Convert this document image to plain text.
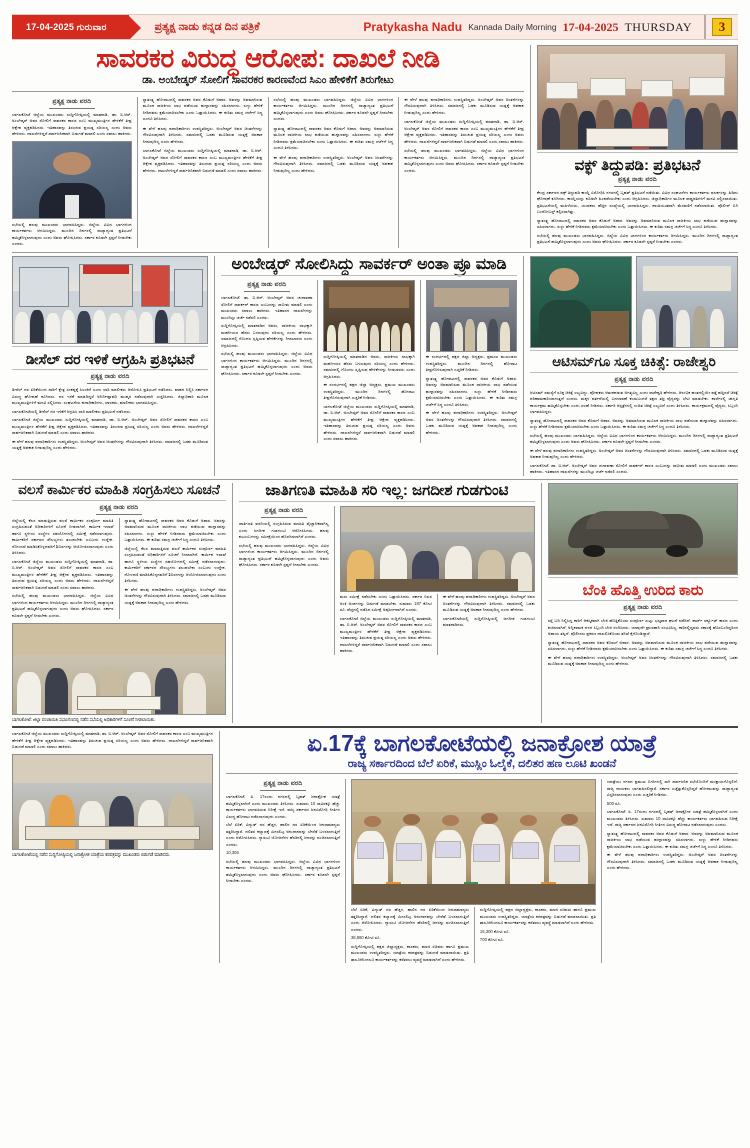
17-04-2025 ಗುರುವಾರ	ಪ್ರತ್ಯಕ್ಷ ನಾಡು ಕನ್ನಡ ದಿನ ಪತ್ರಿಕೆ	Pratykasha Nadu Kannada Daily Morning 17-04-2025 THURSDAY	3
ಸಾವರಕರ ವಿರುದ್ಧ ಆರೋಪ: ದಾಖಲೆ ನೀಡಿ
ಡಾ. ಅಂಬೇಡ್ಕರ್ ಸೋಲಿಗೆ ಸಾವರಕರ ಕಾರಣವೆಂದ ಸಿಎಂ ಹೇಳಿಕೆಗೆ ತಿರುಗೇಟು
ಪ್ರತ್ಯಕ್ಷ ನಾಡು ವರದಿ
ಬಾಗಲಕೋಟೆ ಜಿಲ್ಲೆಯ ಮುಖಂಡರು ಸುದ್ದಿಗೋಷ್ಠಿಯಲ್ಲಿ ಮಾತನಾಡಿ, ಡಾ. ಬಿ.ಆರ್. ಅಂಬೇಡ್ಕರ್ ಅವರ ಸೋಲಿಗೆ ಸಾವರಕರ ಕಾರಣ ಎಂಬ ಮುಖ್ಯಮಂತ್ರಿಗಳ ಹೇಳಿಕೆಗೆ ತೀವ್ರ ಆಕ್ಷೇಪ ವ್ಯಕ್ತಪಡಿಸಿದರು. ಇತಿಹಾಸವನ್ನು ತಿರುಚುವ ಪ್ರಯತ್ನ ಸರಿಯಲ್ಲ ಎಂದು ಅವರು ಹೇಳಿದರು. ದಾಖಲೆಗಳಿದ್ದರೆ ಸಾರ್ವಜನಿಕವಾಗಿ ಬಿಡುಗಡೆ ಮಾಡಲಿ ಎಂದು ಸವಾಲು ಹಾಕಿದರು.
ಸಭೆಯಲ್ಲಿ ಹಲವು ಮುಖಂಡರು ಭಾಗವಹಿಸಿದ್ದರು. ಜಿಲ್ಲೆಯ ವಿವಿಧ ಭಾಗಗಳಿಂದ ಕಾರ್ಯಕರ್ತರು ಆಗಮಿಸಿದ್ದರು. ಮುಂದಿನ ದಿನಗಳಲ್ಲಿ ರಾಜ್ಯಾದ್ಯಂತ ಪ್ರತಿಭಟನೆ ಹಮ್ಮಿಕೊಳ್ಳಲಾಗುವುದು ಎಂದು ಅವರು ಘೋಷಿಸಿದರು. ಸರ್ಕಾರ ಕೂಡಲೇ ಸ್ಪಷ್ಟನೆ ನೀಡಬೇಕು ಎಂದರು.
ಸ್ವಾತಂತ್ರ್ಯ ಹೋರಾಟದಲ್ಲಿ ಸಾವರಕರ ಅವರ ಕೊಡುಗೆ ಅಪಾರ. ಅವರನ್ನು ಅವಮಾನಿಸುವ ಮೂಲಕ ರಾಜಕೀಯ ಲಾಭ ಪಡೆಯುವ ಹುನ್ನಾರವನ್ನು ಸಹಿಸಲಾಗದು. ಸುಳ್ಳು ಹೇಳಿಕೆ ನೀಡಿದವರು ಕ್ಷಮೆಯಾಚಿಸಬೇಕು ಎಂದು ಒತ್ತಾಯಿಸಿದರು. ಈ ಕುರಿತು ಸಮಗ್ರ ಚರ್ಚೆಗೆ ಸಿದ್ಧ ಎಂದೂ ತಿಳಿಸಿದರು.
ಈ ವೇಳೆ ಹಲವು ಪದಾಧಿಕಾರಿಗಳು ಉಪಸ್ಥಿತರಿದ್ದರು. ಅಂಬೇಡ್ಕರ್ ಅವರ ಚಿಂತನೆಗಳನ್ನು ಗೌರವಿಸುವುದಾಗಿ ತಿಳಿಸಿದರು. ಸಮಾಜದಲ್ಲಿ ಒಡಕು ಮೂಡಿಸುವ ಯತ್ನಕ್ಕೆ ಅವಕಾಶ ನೀಡುವುದಿಲ್ಲ ಎಂದು ಹೇಳಿದರು.
ಬಾಗಲಕೋಟೆ ಜಿಲ್ಲೆಯ ಮುಖಂಡರು ಸುದ್ದಿಗೋಷ್ಠಿಯಲ್ಲಿ ಮಾತನಾಡಿ, ಡಾ. ಬಿ.ಆರ್. ಅಂಬೇಡ್ಕರ್ ಅವರ ಸೋಲಿಗೆ ಸಾವರಕರ ಕಾರಣ ಎಂಬ ಮುಖ್ಯಮಂತ್ರಿಗಳ ಹೇಳಿಕೆಗೆ ತೀವ್ರ ಆಕ್ಷೇಪ ವ್ಯಕ್ತಪಡಿಸಿದರು. ಇತಿಹಾಸವನ್ನು ತಿರುಚುವ ಪ್ರಯತ್ನ ಸರಿಯಲ್ಲ ಎಂದು ಅವರು ಹೇಳಿದರು. ದಾಖಲೆಗಳಿದ್ದರೆ ಸಾರ್ವಜನಿಕವಾಗಿ ಬಿಡುಗಡೆ ಮಾಡಲಿ ಎಂದು ಸವಾಲು ಹಾಕಿದರು.
ಸಭೆಯಲ್ಲಿ ಹಲವು ಮುಖಂಡರು ಭಾಗವಹಿಸಿದ್ದರು. ಜಿಲ್ಲೆಯ ವಿವಿಧ ಭಾಗಗಳಿಂದ ಕಾರ್ಯಕರ್ತರು ಆಗಮಿಸಿದ್ದರು. ಮುಂದಿನ ದಿನಗಳಲ್ಲಿ ರಾಜ್ಯಾದ್ಯಂತ ಪ್ರತಿಭಟನೆ ಹಮ್ಮಿಕೊಳ್ಳಲಾಗುವುದು ಎಂದು ಅವರು ಘೋಷಿಸಿದರು. ಸರ್ಕಾರ ಕೂಡಲೇ ಸ್ಪಷ್ಟನೆ ನೀಡಬೇಕು ಎಂದರು.
ಸ್ವಾತಂತ್ರ್ಯ ಹೋರಾಟದಲ್ಲಿ ಸಾವರಕರ ಅವರ ಕೊಡುಗೆ ಅಪಾರ. ಅವರನ್ನು ಅವಮಾನಿಸುವ ಮೂಲಕ ರಾಜಕೀಯ ಲಾಭ ಪಡೆಯುವ ಹುನ್ನಾರವನ್ನು ಸಹಿಸಲಾಗದು. ಸುಳ್ಳು ಹೇಳಿಕೆ ನೀಡಿದವರು ಕ್ಷಮೆಯಾಚಿಸಬೇಕು ಎಂದು ಒತ್ತಾಯಿಸಿದರು. ಈ ಕುರಿತು ಸಮಗ್ರ ಚರ್ಚೆಗೆ ಸಿದ್ಧ ಎಂದೂ ತಿಳಿಸಿದರು.
ಈ ವೇಳೆ ಹಲವು ಪದಾಧಿಕಾರಿಗಳು ಉಪಸ್ಥಿತರಿದ್ದರು. ಅಂಬೇಡ್ಕರ್ ಅವರ ಚಿಂತನೆಗಳನ್ನು ಗೌರವಿಸುವುದಾಗಿ ತಿಳಿಸಿದರು. ಸಮಾಜದಲ್ಲಿ ಒಡಕು ಮೂಡಿಸುವ ಯತ್ನಕ್ಕೆ ಅವಕಾಶ ನೀಡುವುದಿಲ್ಲ ಎಂದು ಹೇಳಿದರು.
ಈ ವೇಳೆ ಹಲವು ಪದಾಧಿಕಾರಿಗಳು ಉಪಸ್ಥಿತರಿದ್ದರು. ಅಂಬೇಡ್ಕರ್ ಅವರ ಚಿಂತನೆಗಳನ್ನು ಗೌರವಿಸುವುದಾಗಿ ತಿಳಿಸಿದರು. ಸಮಾಜದಲ್ಲಿ ಒಡಕು ಮೂಡಿಸುವ ಯತ್ನಕ್ಕೆ ಅವಕಾಶ ನೀಡುವುದಿಲ್ಲ ಎಂದು ಹೇಳಿದರು.
ಬಾಗಲಕೋಟೆ ಜಿಲ್ಲೆಯ ಮುಖಂಡರು ಸುದ್ದಿಗೋಷ್ಠಿಯಲ್ಲಿ ಮಾತನಾಡಿ, ಡಾ. ಬಿ.ಆರ್. ಅಂಬೇಡ್ಕರ್ ಅವರ ಸೋಲಿಗೆ ಸಾವರಕರ ಕಾರಣ ಎಂಬ ಮುಖ್ಯಮಂತ್ರಿಗಳ ಹೇಳಿಕೆಗೆ ತೀವ್ರ ಆಕ್ಷೇಪ ವ್ಯಕ್ತಪಡಿಸಿದರು. ಇತಿಹಾಸವನ್ನು ತಿರುಚುವ ಪ್ರಯತ್ನ ಸರಿಯಲ್ಲ ಎಂದು ಅವರು ಹೇಳಿದರು. ದಾಖಲೆಗಳಿದ್ದರೆ ಸಾರ್ವಜನಿಕವಾಗಿ ಬಿಡುಗಡೆ ಮಾಡಲಿ ಎಂದು ಸವಾಲು ಹಾಕಿದರು.
ಸಭೆಯಲ್ಲಿ ಹಲವು ಮುಖಂಡರು ಭಾಗವಹಿಸಿದ್ದರು. ಜಿಲ್ಲೆಯ ವಿವಿಧ ಭಾಗಗಳಿಂದ ಕಾರ್ಯಕರ್ತರು ಆಗಮಿಸಿದ್ದರು. ಮುಂದಿನ ದಿನಗಳಲ್ಲಿ ರಾಜ್ಯಾದ್ಯಂತ ಪ್ರತಿಭಟನೆ ಹಮ್ಮಿಕೊಳ್ಳಲಾಗುವುದು ಎಂದು ಅವರು ಘೋಷಿಸಿದರು. ಸರ್ಕಾರ ಕೂಡಲೇ ಸ್ಪಷ್ಟನೆ ನೀಡಬೇಕು ಎಂದರು.	ವಕ್ಫ್ ತಿದ್ದುಪಡಿ: ಪ್ರತಿಭಟನೆ
ಪ್ರತ್ಯಕ್ಷ ನಾಡು ವರದಿ
ಕೇಂದ್ರ ಸರ್ಕಾರದ ವಕ್ಫ್ ತಿದ್ದುಪಡಿ ಕಾಯ್ದೆ ವಿರೋಧಿಸಿ ನಗರದಲ್ಲಿ ಬೃಹತ್ ಪ್ರತಿಭಟನೆ ನಡೆಯಿತು. ವಿವಿಧ ಸಂಘಟನೆಗಳ ಕಾರ್ಯಕರ್ತರು ಫಲಕಗಳನ್ನು ಹಿಡಿದು ಘೋಷಣೆ ಕೂಗಿದರು. ಕಾಯ್ದೆಯನ್ನು ಕೂಡಲೇ ಹಿಂಪಡೆಯಬೇಕು ಎಂದು ಆಗ್ರಹಿಸಿದರು. ಜಿಲ್ಲಾಧಿಕಾರಿಗಳ ಮೂಲಕ ರಾಷ್ಟ್ರಪತಿಗಳಿಗೆ ಮನವಿ ಸಲ್ಲಿಸಲಾಯಿತು. ಪ್ರತಿಭಟನೆಯಲ್ಲಿ ಮಹಿಳೆಯರು, ಯುವಕರು ಹೆಚ್ಚಿನ ಸಂಖ್ಯೆಯಲ್ಲಿ ಭಾಗವಹಿಸಿದ್ದರು. ಶಾಂತಿಯುತವಾಗಿ ಮೆರವಣಿಗೆ ನಡೆಸಲಾಯಿತು. ಪೊಲೀಸ್ ಬಿಗಿ ಬಂದೋಬಸ್ತ್ ಕಲ್ಪಿಸಲಾಗಿತ್ತು.
ಸ್ವಾತಂತ್ರ್ಯ ಹೋರಾಟದಲ್ಲಿ ಸಾವರಕರ ಅವರ ಕೊಡುಗೆ ಅಪಾರ. ಅವರನ್ನು ಅವಮಾನಿಸುವ ಮೂಲಕ ರಾಜಕೀಯ ಲಾಭ ಪಡೆಯುವ ಹುನ್ನಾರವನ್ನು ಸಹಿಸಲಾಗದು. ಸುಳ್ಳು ಹೇಳಿಕೆ ನೀಡಿದವರು ಕ್ಷಮೆಯಾಚಿಸಬೇಕು ಎಂದು ಒತ್ತಾಯಿಸಿದರು. ಈ ಕುರಿತು ಸಮಗ್ರ ಚರ್ಚೆಗೆ ಸಿದ್ಧ ಎಂದೂ ತಿಳಿಸಿದರು.
ಸಭೆಯಲ್ಲಿ ಹಲವು ಮುಖಂಡರು ಭಾಗವಹಿಸಿದ್ದರು. ಜಿಲ್ಲೆಯ ವಿವಿಧ ಭಾಗಗಳಿಂದ ಕಾರ್ಯಕರ್ತರು ಆಗಮಿಸಿದ್ದರು. ಮುಂದಿನ ದಿನಗಳಲ್ಲಿ ರಾಜ್ಯಾದ್ಯಂತ ಪ್ರತಿಭಟನೆ ಹಮ್ಮಿಕೊಳ್ಳಲಾಗುವುದು ಎಂದು ಅವರು ಘೋಷಿಸಿದರು. ಸರ್ಕಾರ ಕೂಡಲೇ ಸ್ಪಷ್ಟನೆ ನೀಡಬೇಕು ಎಂದರು.
ಡೀಸೆಲ್ ದರ ಇಳಿಕೆ ಆಗ್ರಹಿಸಿ ಪ್ರತಿಭಟನೆ
ಪ್ರತ್ಯಕ್ಷ ನಾಡು ವರದಿ
ಡೀಸೆಲ್ ದರ ಏರಿಕೆಯಿಂದ ಸಾರಿಗೆ ಕ್ಷೇತ್ರ ಸಂಕಷ್ಟಕ್ಕೆ ಸಿಲುಕಿದೆ ಎಂದು ಲಾರಿ ಮಾಲೀಕರು ಆರೋಪಿಸಿ ಪ್ರತಿಭಟನೆ ನಡೆಸಿದರು. ವಾಹನ ನಿಲ್ಲಿಸಿ ಸರ್ಕಾರದ ವಿರುದ್ಧ ಘೋಷಣೆ ಕೂಗಿದರು. ದರ ಇಳಿಕೆ ಮಾಡದಿದ್ದರೆ ಅನಿರ್ದಿಷ್ಟಾವಧಿ ಮುಷ್ಕರ ನಡೆಸುವುದಾಗಿ ಎಚ್ಚರಿಸಿದರು. ಜಿಲ್ಲಾಧಿಕಾರಿ ಮೂಲಕ ಮುಖ್ಯಮಂತ್ರಿಗಳಿಗೆ ಮನವಿ ಸಲ್ಲಿಸಿದರು. ಸಂಘಟನೆಯ ಪದಾಧಿಕಾರಿಗಳು, ಚಾಲಕರು, ಮಾಲೀಕರು ಭಾಗವಹಿಸಿದ್ದರು.
ಬಾಗಲಕೋಟೆಯಲ್ಲಿ ಡೀಸೆಲ್ ದರ ಇಳಿಕೆಗೆ ಆಗ್ರಹಿಸಿ ಲಾರಿ ಮಾಲೀಕರು ಪ್ರತಿಭಟನೆ ನಡೆಸಿದರು.
ಬಾಗಲಕೋಟೆ ಜಿಲ್ಲೆಯ ಮುಖಂಡರು ಸುದ್ದಿಗೋಷ್ಠಿಯಲ್ಲಿ ಮಾತನಾಡಿ, ಡಾ. ಬಿ.ಆರ್. ಅಂಬೇಡ್ಕರ್ ಅವರ ಸೋಲಿಗೆ ಸಾವರಕರ ಕಾರಣ ಎಂಬ ಮುಖ್ಯಮಂತ್ರಿಗಳ ಹೇಳಿಕೆಗೆ ತೀವ್ರ ಆಕ್ಷೇಪ ವ್ಯಕ್ತಪಡಿಸಿದರು. ಇತಿಹಾಸವನ್ನು ತಿರುಚುವ ಪ್ರಯತ್ನ ಸರಿಯಲ್ಲ ಎಂದು ಅವರು ಹೇಳಿದರು. ದಾಖಲೆಗಳಿದ್ದರೆ ಸಾರ್ವಜನಿಕವಾಗಿ ಬಿಡುಗಡೆ ಮಾಡಲಿ ಎಂದು ಸವಾಲು ಹಾಕಿದರು.
ಈ ವೇಳೆ ಹಲವು ಪದಾಧಿಕಾರಿಗಳು ಉಪಸ್ಥಿತರಿದ್ದರು. ಅಂಬೇಡ್ಕರ್ ಅವರ ಚಿಂತನೆಗಳನ್ನು ಗೌರವಿಸುವುದಾಗಿ ತಿಳಿಸಿದರು. ಸಮಾಜದಲ್ಲಿ ಒಡಕು ಮೂಡಿಸುವ ಯತ್ನಕ್ಕೆ ಅವಕಾಶ ನೀಡುವುದಿಲ್ಲ ಎಂದು ಹೇಳಿದರು.
ಅಂಬೇಡ್ಕರ್ ಸೋಲಿಸಿದ್ದು ಸಾವರ್ಕರ್ ಅಂತಾ ಪ್ರೂ ಮಾಡಿ
ಪ್ರತ್ಯಕ್ಷ ನಾಡು ವರದಿ
ಬಾಗಲಕೋಟೆ: ಡಾ. ಬಿ.ಆರ್. ಅಂಬೇಡ್ಕರ್ ಅವರ ಚುನಾವಣಾ ಸೋಲಿಗೆ ಸಾವರ್ಕರ್ ಕಾರಣ ಎಂಬುದನ್ನು ಸಾಬೀತು ಮಾಡಲಿ ಎಂದು ಮುಖಂಡರು ಸವಾಲು ಹಾಕಿದರು. ಇತಿಹಾಸದ ದಾಖಲೆಗಳನ್ನು ಮುಂದಿಟ್ಟು ಚರ್ಚೆ ನಡೆಸಲಿ ಎಂದರು.
ಸುದ್ದಿಗೋಷ್ಠಿಯಲ್ಲಿ ಮಾತನಾಡಿದ ಅವರು, ರಾಜಕೀಯ ಲಾಭಕ್ಕಾಗಿ ಮಹನೀಯರ ಹೆಸರು ಬಳಸುವುದು ಸರಿಯಲ್ಲ ಎಂದು ಹೇಳಿದರು. ಸಮಾಜದಲ್ಲಿ ಗೊಂದಲ ಸೃಷ್ಟಿಸುವ ಹೇಳಿಕೆಗಳನ್ನು ನೀಡಬಾರದು ಎಂದು ಆಗ್ರಹಿಸಿದರು.
ಸಭೆಯಲ್ಲಿ ಹಲವು ಮುಖಂಡರು ಭಾಗವಹಿಸಿದ್ದರು. ಜಿಲ್ಲೆಯ ವಿವಿಧ ಭಾಗಗಳಿಂದ ಕಾರ್ಯಕರ್ತರು ಆಗಮಿಸಿದ್ದರು. ಮುಂದಿನ ದಿನಗಳಲ್ಲಿ ರಾಜ್ಯಾದ್ಯಂತ ಪ್ರತಿಭಟನೆ ಹಮ್ಮಿಕೊಳ್ಳಲಾಗುವುದು ಎಂದು ಅವರು ಘೋಷಿಸಿದರು. ಸರ್ಕಾರ ಕೂಡಲೇ ಸ್ಪಷ್ಟನೆ ನೀಡಬೇಕು ಎಂದರು.
ಸುದ್ದಿಗೋಷ್ಠಿಯಲ್ಲಿ ಮಾತನಾಡಿದ ಅವರು, ರಾಜಕೀಯ ಲಾಭಕ್ಕಾಗಿ ಮಹನೀಯರ ಹೆಸರು ಬಳಸುವುದು ಸರಿಯಲ್ಲ ಎಂದು ಹೇಳಿದರು. ಸಮಾಜದಲ್ಲಿ ಗೊಂದಲ ಸೃಷ್ಟಿಸುವ ಹೇಳಿಕೆಗಳನ್ನು ನೀಡಬಾರದು ಎಂದು ಆಗ್ರಹಿಸಿದರು.
ಈ ಸಂದರ್ಭದಲ್ಲಿ ಪಕ್ಷದ ಜಿಲ್ಲಾ ಅಧ್ಯಕ್ಷರು, ಪ್ರಮುಖ ಮುಖಂಡರು ಉಪಸ್ಥಿತರಿದ್ದರು. ಮುಂದಿನ ದಿನಗಳಲ್ಲಿ ಹೋರಾಟ ತೀವ್ರಗೊಳಿಸುವುದಾಗಿ ಎಚ್ಚರಿಕೆ ನೀಡಿದರು.
ಬಾಗಲಕೋಟೆ ಜಿಲ್ಲೆಯ ಮುಖಂಡರು ಸುದ್ದಿಗೋಷ್ಠಿಯಲ್ಲಿ ಮಾತನಾಡಿ, ಡಾ. ಬಿ.ಆರ್. ಅಂಬೇಡ್ಕರ್ ಅವರ ಸೋಲಿಗೆ ಸಾವರಕರ ಕಾರಣ ಎಂಬ ಮುಖ್ಯಮಂತ್ರಿಗಳ ಹೇಳಿಕೆಗೆ ತೀವ್ರ ಆಕ್ಷೇಪ ವ್ಯಕ್ತಪಡಿಸಿದರು. ಇತಿಹಾಸವನ್ನು ತಿರುಚುವ ಪ್ರಯತ್ನ ಸರಿಯಲ್ಲ ಎಂದು ಅವರು ಹೇಳಿದರು. ದಾಖಲೆಗಳಿದ್ದರೆ ಸಾರ್ವಜನಿಕವಾಗಿ ಬಿಡುಗಡೆ ಮಾಡಲಿ ಎಂದು ಸವಾಲು ಹಾಕಿದರು.
ಈ ಸಂದರ್ಭದಲ್ಲಿ ಪಕ್ಷದ ಜಿಲ್ಲಾ ಅಧ್ಯಕ್ಷರು, ಪ್ರಮುಖ ಮುಖಂಡರು ಉಪಸ್ಥಿತರಿದ್ದರು. ಮುಂದಿನ ದಿನಗಳಲ್ಲಿ ಹೋರಾಟ ತೀವ್ರಗೊಳಿಸುವುದಾಗಿ ಎಚ್ಚರಿಕೆ ನೀಡಿದರು.
ಸ್ವಾತಂತ್ರ್ಯ ಹೋರಾಟದಲ್ಲಿ ಸಾವರಕರ ಅವರ ಕೊಡುಗೆ ಅಪಾರ. ಅವರನ್ನು ಅವಮಾನಿಸುವ ಮೂಲಕ ರಾಜಕೀಯ ಲಾಭ ಪಡೆಯುವ ಹುನ್ನಾರವನ್ನು ಸಹಿಸಲಾಗದು. ಸುಳ್ಳು ಹೇಳಿಕೆ ನೀಡಿದವರು ಕ್ಷಮೆಯಾಚಿಸಬೇಕು ಎಂದು ಒತ್ತಾಯಿಸಿದರು. ಈ ಕುರಿತು ಸಮಗ್ರ ಚರ್ಚೆಗೆ ಸಿದ್ಧ ಎಂದೂ ತಿಳಿಸಿದರು.
ಈ ವೇಳೆ ಹಲವು ಪದಾಧಿಕಾರಿಗಳು ಉಪಸ್ಥಿತರಿದ್ದರು. ಅಂಬೇಡ್ಕರ್ ಅವರ ಚಿಂತನೆಗಳನ್ನು ಗೌರವಿಸುವುದಾಗಿ ತಿಳಿಸಿದರು. ಸಮಾಜದಲ್ಲಿ ಒಡಕು ಮೂಡಿಸುವ ಯತ್ನಕ್ಕೆ ಅವಕಾಶ ನೀಡುವುದಿಲ್ಲ ಎಂದು ಹೇಳಿದರು.
ಆಟಿಸಮ್‌ಗೂ ಸೂಕ್ತ ಚಿಕಿತ್ಸೆ: ರಾಜೇಶ್ವರಿ
ಪ್ರತ್ಯಕ್ಷ ನಾಡು ವರದಿ
ಆಟಿಸಮ್ ಸಮಸ್ಯೆಗೆ ಸೂಕ್ತ ಚಿಕಿತ್ಸೆ ಲಭ್ಯವಿದ್ದು, ಪೋಷಕರು ಆತಂಕಪಡುವ ಅಗತ್ಯವಿಲ್ಲ ಎಂದು ರಾಜೇಶ್ವರಿ ಹೇಳಿದರು. ಆರಂಭಿಕ ಹಂತದಲ್ಲಿಯೇ ಪತ್ತೆ ಹಚ್ಚಿದರೆ ಚಿಕಿತ್ಸೆ ಪರಿಣಾಮಕಾರಿಯಾಗುತ್ತದೆ ಎಂದರು. ಮಕ್ಕಳ ವರ್ತನೆಯಲ್ಲಿ ಬದಲಾವಣೆ ಕಂಡುಬಂದರೆ ತಕ್ಷಣ ತಜ್ಞ ವೈದ್ಯರನ್ನು ಭೇಟಿ ಮಾಡಬೇಕು. ಶಾಲೆಗಳಲ್ಲಿ ಜಾಗೃತಿ ಕಾರ್ಯಕ್ರಮ ಹಮ್ಮಿಕೊಳ್ಳಬೇಕು ಎಂದು ಸಲಹೆ ನೀಡಿದರು. ಸರ್ಕಾರಿ ಆಸ್ಪತ್ರೆಗಳಲ್ಲಿ ಉಚಿತ ಚಿಕಿತ್ಸೆ ಲಭ್ಯವಿದೆ ಎಂದು ತಿಳಿಸಿದರು. ಕಾರ್ಯಕ್ರಮದಲ್ಲಿ ವೈದ್ಯರು, ಸಿಬ್ಬಂದಿ ಭಾಗವಹಿಸಿದ್ದರು.
ಸ್ವಾತಂತ್ರ್ಯ ಹೋರಾಟದಲ್ಲಿ ಸಾವರಕರ ಅವರ ಕೊಡುಗೆ ಅಪಾರ. ಅವರನ್ನು ಅವಮಾನಿಸುವ ಮೂಲಕ ರಾಜಕೀಯ ಲಾಭ ಪಡೆಯುವ ಹುನ್ನಾರವನ್ನು ಸಹಿಸಲಾಗದು. ಸುಳ್ಳು ಹೇಳಿಕೆ ನೀಡಿದವರು ಕ್ಷಮೆಯಾಚಿಸಬೇಕು ಎಂದು ಒತ್ತಾಯಿಸಿದರು. ಈ ಕುರಿತು ಸಮಗ್ರ ಚರ್ಚೆಗೆ ಸಿದ್ಧ ಎಂದೂ ತಿಳಿಸಿದರು.
ಸಭೆಯಲ್ಲಿ ಹಲವು ಮುಖಂಡರು ಭಾಗವಹಿಸಿದ್ದರು. ಜಿಲ್ಲೆಯ ವಿವಿಧ ಭಾಗಗಳಿಂದ ಕಾರ್ಯಕರ್ತರು ಆಗಮಿಸಿದ್ದರು. ಮುಂದಿನ ದಿನಗಳಲ್ಲಿ ರಾಜ್ಯಾದ್ಯಂತ ಪ್ರತಿಭಟನೆ ಹಮ್ಮಿಕೊಳ್ಳಲಾಗುವುದು ಎಂದು ಅವರು ಘೋಷಿಸಿದರು. ಸರ್ಕಾರ ಕೂಡಲೇ ಸ್ಪಷ್ಟನೆ ನೀಡಬೇಕು ಎಂದರು.
ಈ ವೇಳೆ ಹಲವು ಪದಾಧಿಕಾರಿಗಳು ಉಪಸ್ಥಿತರಿದ್ದರು. ಅಂಬೇಡ್ಕರ್ ಅವರ ಚಿಂತನೆಗಳನ್ನು ಗೌರವಿಸುವುದಾಗಿ ತಿಳಿಸಿದರು. ಸಮಾಜದಲ್ಲಿ ಒಡಕು ಮೂಡಿಸುವ ಯತ್ನಕ್ಕೆ ಅವಕಾಶ ನೀಡುವುದಿಲ್ಲ ಎಂದು ಹೇಳಿದರು.
ಬಾಗಲಕೋಟೆ: ಡಾ. ಬಿ.ಆರ್. ಅಂಬೇಡ್ಕರ್ ಅವರ ಚುನಾವಣಾ ಸೋಲಿಗೆ ಸಾವರ್ಕರ್ ಕಾರಣ ಎಂಬುದನ್ನು ಸಾಬೀತು ಮಾಡಲಿ ಎಂದು ಮುಖಂಡರು ಸವಾಲು ಹಾಕಿದರು. ಇತಿಹಾಸದ ದಾಖಲೆಗಳನ್ನು ಮುಂದಿಟ್ಟು ಚರ್ಚೆ ನಡೆಸಲಿ ಎಂದರು.
ವಲಸೆ ಕಾರ್ಮಿಕರ ಮಾಹಿತಿ ಸಂಗ್ರಹಿಸಲು ಸೂಚನೆ
ಪ್ರತ್ಯಕ್ಷ ನಾಡು ವರದಿ
ಜಿಲ್ಲೆಯಲ್ಲಿ ಕೆಲಸ ಮಾಡುತ್ತಿರುವ ವಲಸೆ ಕಾರ್ಮಿಕರ ಸಂಪೂರ್ಣ ಮಾಹಿತಿ ಸಂಗ್ರಹಿಸುವಂತೆ ಅಧಿಕಾರಿಗಳಿಗೆ ಸೂಚನೆ ನೀಡಲಾಗಿದೆ. ಕಾರ್ಮಿಕ ಇಲಾಖೆ ಹಾಗೂ ಸ್ಥಳೀಯ ಸಂಸ್ಥೆಗಳ ಸಹಯೋಗದಲ್ಲಿ ಸಮೀಕ್ಷೆ ನಡೆಸಲಾಗುವುದು. ಕಾರ್ಮಿಕರಿಗೆ ಸರ್ಕಾರದ ಸೌಲಭ್ಯಗಳು ತಲುಪಬೇಕು ಎಂಬುದು ಉದ್ದೇಶ. ನೋಂದಣಿ ಮಾಡಿಸಿಕೊಳ್ಳದವರಿಗೆ ಶಿಬಿರಗಳನ್ನು ಆಯೋಜಿಸಲಾಗುವುದು ಎಂದು ತಿಳಿಸಿದರು.
ಬಾಗಲಕೋಟೆ ಜಿಲ್ಲೆಯ ಮುಖಂಡರು ಸುದ್ದಿಗೋಷ್ಠಿಯಲ್ಲಿ ಮಾತನಾಡಿ, ಡಾ. ಬಿ.ಆರ್. ಅಂಬೇಡ್ಕರ್ ಅವರ ಸೋಲಿಗೆ ಸಾವರಕರ ಕಾರಣ ಎಂಬ ಮುಖ್ಯಮಂತ್ರಿಗಳ ಹೇಳಿಕೆಗೆ ತೀವ್ರ ಆಕ್ಷೇಪ ವ್ಯಕ್ತಪಡಿಸಿದರು. ಇತಿಹಾಸವನ್ನು ತಿರುಚುವ ಪ್ರಯತ್ನ ಸರಿಯಲ್ಲ ಎಂದು ಅವರು ಹೇಳಿದರು. ದಾಖಲೆಗಳಿದ್ದರೆ ಸಾರ್ವಜನಿಕವಾಗಿ ಬಿಡುಗಡೆ ಮಾಡಲಿ ಎಂದು ಸವಾಲು ಹಾಕಿದರು.
ಸಭೆಯಲ್ಲಿ ಹಲವು ಮುಖಂಡರು ಭಾಗವಹಿಸಿದ್ದರು. ಜಿಲ್ಲೆಯ ವಿವಿಧ ಭಾಗಗಳಿಂದ ಕಾರ್ಯಕರ್ತರು ಆಗಮಿಸಿದ್ದರು. ಮುಂದಿನ ದಿನಗಳಲ್ಲಿ ರಾಜ್ಯಾದ್ಯಂತ ಪ್ರತಿಭಟನೆ ಹಮ್ಮಿಕೊಳ್ಳಲಾಗುವುದು ಎಂದು ಅವರು ಘೋಷಿಸಿದರು. ಸರ್ಕಾರ ಕೂಡಲೇ ಸ್ಪಷ್ಟನೆ ನೀಡಬೇಕು ಎಂದರು.
ಸ್ವಾತಂತ್ರ್ಯ ಹೋರಾಟದಲ್ಲಿ ಸಾವರಕರ ಅವರ ಕೊಡುಗೆ ಅಪಾರ. ಅವರನ್ನು ಅವಮಾನಿಸುವ ಮೂಲಕ ರಾಜಕೀಯ ಲಾಭ ಪಡೆಯುವ ಹುನ್ನಾರವನ್ನು ಸಹಿಸಲಾಗದು. ಸುಳ್ಳು ಹೇಳಿಕೆ ನೀಡಿದವರು ಕ್ಷಮೆಯಾಚಿಸಬೇಕು ಎಂದು ಒತ್ತಾಯಿಸಿದರು. ಈ ಕುರಿತು ಸಮಗ್ರ ಚರ್ಚೆಗೆ ಸಿದ್ಧ ಎಂದೂ ತಿಳಿಸಿದರು.
ಜಿಲ್ಲೆಯಲ್ಲಿ ಕೆಲಸ ಮಾಡುತ್ತಿರುವ ವಲಸೆ ಕಾರ್ಮಿಕರ ಸಂಪೂರ್ಣ ಮಾಹಿತಿ ಸಂಗ್ರಹಿಸುವಂತೆ ಅಧಿಕಾರಿಗಳಿಗೆ ಸೂಚನೆ ನೀಡಲಾಗಿದೆ. ಕಾರ್ಮಿಕ ಇಲಾಖೆ ಹಾಗೂ ಸ್ಥಳೀಯ ಸಂಸ್ಥೆಗಳ ಸಹಯೋಗದಲ್ಲಿ ಸಮೀಕ್ಷೆ ನಡೆಸಲಾಗುವುದು. ಕಾರ್ಮಿಕರಿಗೆ ಸರ್ಕಾರದ ಸೌಲಭ್ಯಗಳು ತಲುಪಬೇಕು ಎಂಬುದು ಉದ್ದೇಶ. ನೋಂದಣಿ ಮಾಡಿಸಿಕೊಳ್ಳದವರಿಗೆ ಶಿಬಿರಗಳನ್ನು ಆಯೋಜಿಸಲಾಗುವುದು ಎಂದು ತಿಳಿಸಿದರು.
ಈ ವೇಳೆ ಹಲವು ಪದಾಧಿಕಾರಿಗಳು ಉಪಸ್ಥಿತರಿದ್ದರು. ಅಂಬೇಡ್ಕರ್ ಅವರ ಚಿಂತನೆಗಳನ್ನು ಗೌರವಿಸುವುದಾಗಿ ತಿಳಿಸಿದರು. ಸಮಾಜದಲ್ಲಿ ಒಡಕು ಮೂಡಿಸುವ ಯತ್ನಕ್ಕೆ ಅವಕಾಶ ನೀಡುವುದಿಲ್ಲ ಎಂದು ಹೇಳಿದರು.
ಬಾಗಲಕೋಟೆ: ಜಿಲ್ಲಾ ಪಂಚಾಯಿತಿ ಸಭಾಂಗಣದಲ್ಲಿ ನಡೆದ ಸಭೆಯಲ್ಲಿ ಅಧಿಕಾರಿಗಳಿಗೆ ಸೂಚನೆ ನೀಡಲಾಯಿತು.
ಜಾತಿಗಣತಿ ಮಾಹಿತಿ ಸರಿ ಇಲ್ಲ: ಜಗದೀಶ ಗುಡಗುಂಟಿ
ಪ್ರತ್ಯಕ್ಷ ನಾಡು ವರದಿ
ಜಾತಿಗಣತಿ ವರದಿಯಲ್ಲಿ ಸಂಗ್ರಹಿಸಿರುವ ಮಾಹಿತಿ ವೈಜ್ಞಾನಿಕವಾಗಿಲ್ಲ ಎಂದು ಜಗದೀಶ ಗುಡಗುಂಟಿ ಆರೋಪಿಸಿದರು. ಹಲವು ಕುಟುಂಬಗಳನ್ನು ಸಮೀಕ್ಷೆಯಿಂದ ಹೊರಗಿಡಲಾಗಿದೆ ಎಂದರು.
ಸಭೆಯಲ್ಲಿ ಹಲವು ಮುಖಂಡರು ಭಾಗವಹಿಸಿದ್ದರು. ಜಿಲ್ಲೆಯ ವಿವಿಧ ಭಾಗಗಳಿಂದ ಕಾರ್ಯಕರ್ತರು ಆಗಮಿಸಿದ್ದರು. ಮುಂದಿನ ದಿನಗಳಲ್ಲಿ ರಾಜ್ಯಾದ್ಯಂತ ಪ್ರತಿಭಟನೆ ಹಮ್ಮಿಕೊಳ್ಳಲಾಗುವುದು ಎಂದು ಅವರು ಘೋಷಿಸಿದರು. ಸರ್ಕಾರ ಕೂಡಲೇ ಸ್ಪಷ್ಟನೆ ನೀಡಬೇಕು ಎಂದರು.
ಮರು ಸಮೀಕ್ಷೆ ನಡೆಸಬೇಕು ಎಂದು ಒತ್ತಾಯಿಸಿದರು. ಸರ್ಕಾರ ನಿಖರ ಅಂಕಿ ಅಂಶಗಳನ್ನು ಬಿಡುಗಡೆ ಮಾಡಬೇಕು. ಸುಮಾರು 187 ಕೋಟಿ ರೂ. ವೆಚ್ಚದಲ್ಲಿ ನಡೆಸಿದ ಸಮೀಕ್ಷೆ ಅಪೂರ್ಣವಾಗಿದೆ ಎಂದರು.
ಬಾಗಲಕೋಟೆ ಜಿಲ್ಲೆಯ ಮುಖಂಡರು ಸುದ್ದಿಗೋಷ್ಠಿಯಲ್ಲಿ ಮಾತನಾಡಿ, ಡಾ. ಬಿ.ಆರ್. ಅಂಬೇಡ್ಕರ್ ಅವರ ಸೋಲಿಗೆ ಸಾವರಕರ ಕಾರಣ ಎಂಬ ಮುಖ್ಯಮಂತ್ರಿಗಳ ಹೇಳಿಕೆಗೆ ತೀವ್ರ ಆಕ್ಷೇಪ ವ್ಯಕ್ತಪಡಿಸಿದರು. ಇತಿಹಾಸವನ್ನು ತಿರುಚುವ ಪ್ರಯತ್ನ ಸರಿಯಲ್ಲ ಎಂದು ಅವರು ಹೇಳಿದರು. ದಾಖಲೆಗಳಿದ್ದರೆ ಸಾರ್ವಜನಿಕವಾಗಿ ಬಿಡುಗಡೆ ಮಾಡಲಿ ಎಂದು ಸವಾಲು ಹಾಕಿದರು.
ಈ ವೇಳೆ ಹಲವು ಪದಾಧಿಕಾರಿಗಳು ಉಪಸ್ಥಿತರಿದ್ದರು. ಅಂಬೇಡ್ಕರ್ ಅವರ ಚಿಂತನೆಗಳನ್ನು ಗೌರವಿಸುವುದಾಗಿ ತಿಳಿಸಿದರು. ಸಮಾಜದಲ್ಲಿ ಒಡಕು ಮೂಡಿಸುವ ಯತ್ನಕ್ಕೆ ಅವಕಾಶ ನೀಡುವುದಿಲ್ಲ ಎಂದು ಹೇಳಿದರು.
ಬಾಗಲಕೋಟೆಯಲ್ಲಿ ಸುದ್ದಿಗೋಷ್ಠಿಯಲ್ಲಿ ಜಗದೀಶ ಗುಡಗುಂಟಿ ಮಾತನಾಡಿದರು.
ಬೆಂಕಿ ಹೊತ್ತಿ ಉರಿದ ಕಾರು
ಪ್ರತ್ಯಕ್ಷ ನಾಡು ವರದಿ
ರಸ್ತೆ ಬದಿ ನಿಲ್ಲಿಸಿದ್ದ ಕಾರಿಗೆ ಆಕಸ್ಮಿಕವಾಗಿ ಬೆಂಕಿ ಹೊತ್ತಿಕೊಂಡು ಸಂಪೂರ್ಣ ಸುಟ್ಟು ಭಸ್ಮವಾದ ಘಟನೆ ನಡೆದಿದೆ. ಶಾರ್ಟ್ ಸರ್ಕ್ಯೂಟ್ ಕಾರಣ ಎಂದು ಶಂಕಿಸಲಾಗಿದೆ. ಅಗ್ನಿಶಾಮಕ ದಳದ ಸಿಬ್ಬಂದಿ ಬೆಂಕಿ ನಂದಿಸಿದರು. ಯಾವುದೇ ಪ್ರಾಣಹಾನಿ ಸಂಭವಿಸಿಲ್ಲ. ಕಾರಿನಲ್ಲಿದ್ದವರು ಸಕಾಲಕ್ಕೆ ಹೊರಬಂದಿದ್ದರಿಂದ ಅಪಾಯ ತಪ್ಪಿದೆ. ಪೊಲೀಸರು ಪ್ರಕರಣ ದಾಖಲಿಸಿಕೊಂಡು ತನಿಖೆ ಕೈಗೊಂಡಿದ್ದಾರೆ.
ಸ್ವಾತಂತ್ರ್ಯ ಹೋರಾಟದಲ್ಲಿ ಸಾವರಕರ ಅವರ ಕೊಡುಗೆ ಅಪಾರ. ಅವರನ್ನು ಅವಮಾನಿಸುವ ಮೂಲಕ ರಾಜಕೀಯ ಲಾಭ ಪಡೆಯುವ ಹುನ್ನಾರವನ್ನು ಸಹಿಸಲಾಗದು. ಸುಳ್ಳು ಹೇಳಿಕೆ ನೀಡಿದವರು ಕ್ಷಮೆಯಾಚಿಸಬೇಕು ಎಂದು ಒತ್ತಾಯಿಸಿದರು. ಈ ಕುರಿತು ಸಮಗ್ರ ಚರ್ಚೆಗೆ ಸಿದ್ಧ ಎಂದೂ ತಿಳಿಸಿದರು.
ಈ ವೇಳೆ ಹಲವು ಪದಾಧಿಕಾರಿಗಳು ಉಪಸ್ಥಿತರಿದ್ದರು. ಅಂಬೇಡ್ಕರ್ ಅವರ ಚಿಂತನೆಗಳನ್ನು ಗೌರವಿಸುವುದಾಗಿ ತಿಳಿಸಿದರು. ಸಮಾಜದಲ್ಲಿ ಒಡಕು ಮೂಡಿಸುವ ಯತ್ನಕ್ಕೆ ಅವಕಾಶ ನೀಡುವುದಿಲ್ಲ ಎಂದು ಹೇಳಿದರು.
ಬಾಗಲಕೋಟೆ ಜಿಲ್ಲೆಯ ಮುಖಂಡರು ಸುದ್ದಿಗೋಷ್ಠಿಯಲ್ಲಿ ಮಾತನಾಡಿ, ಡಾ. ಬಿ.ಆರ್. ಅಂಬೇಡ್ಕರ್ ಅವರ ಸೋಲಿಗೆ ಸಾವರಕರ ಕಾರಣ ಎಂಬ ಮುಖ್ಯಮಂತ್ರಿಗಳ ಹೇಳಿಕೆಗೆ ತೀವ್ರ ಆಕ್ಷೇಪ ವ್ಯಕ್ತಪಡಿಸಿದರು. ಇತಿಹಾಸವನ್ನು ತಿರುಚುವ ಪ್ರಯತ್ನ ಸರಿಯಲ್ಲ ಎಂದು ಅವರು ಹೇಳಿದರು. ದಾಖಲೆಗಳಿದ್ದರೆ ಸಾರ್ವಜನಿಕವಾಗಿ ಬಿಡುಗಡೆ ಮಾಡಲಿ ಎಂದು ಸವಾಲು ಹಾಕಿದರು.
ಬಾಗಲಕೋಟೆಯಲ್ಲಿ ನಡೆದ ಸುದ್ದಿಗೋಷ್ಠಿಯಲ್ಲಿ ಜನಾಕ್ರೋಶ ಯಾತ್ರೆಯ ಕರಪತ್ರವನ್ನು ಮುಖಂಡರು ಬಿಡುಗಡೆ ಮಾಡಿದರು.
ಏ.17ಕ್ಕೆ ಬಾಗಲಕೋಟೆಯಲ್ಲಿ ಜನಾಕ್ರೋಶ ಯಾತ್ರೆ
ರಾಜ್ಯ ಸರ್ಕಾರದಿಂದ ಬೆಲೆ ಏರಿಕೆ, ಮುಸ್ಲಿಂ ಓಲೈಕೆ, ದಲಿತರ ಹಣ ಲೂಟಿ ಖಂಡನೆ
ಪ್ರತ್ಯಕ್ಷ ನಾಡು ವರದಿ
ಬಾಗಲಕೋಟೆ: ಏ. 17ರಂದು ನಗರದಲ್ಲಿ ಬೃಹತ್ ಜನಾಕ್ರೋಶ ಯಾತ್ರೆ ಹಮ್ಮಿಕೊಳ್ಳಲಾಗಿದೆ ಎಂದು ಮುಖಂಡರು ತಿಳಿಸಿದರು. ಸುಮಾರು 10 ಸಾವಿರಕ್ಕೂ ಹೆಚ್ಚು ಕಾರ್ಯಕರ್ತರು ಭಾಗವಹಿಸುವ ನಿರೀಕ್ಷೆ ಇದೆ. ರಾಜ್ಯ ಸರ್ಕಾರದ ಜನವಿರೋಧಿ ನೀತಿಗಳ ವಿರುದ್ಧ ಹೋರಾಟ ನಡೆಸಲಾಗುವುದು ಎಂದರು.
ಬೆಲೆ ಏರಿಕೆ, ವಿದ್ಯುತ್ ದರ ಹೆಚ್ಚಳ, ಹಾಲಿನ ದರ ಏರಿಕೆಯಿಂದ ಜನಸಾಮಾನ್ಯರು ತತ್ತರಿಸಿದ್ದಾರೆ. ದಲಿತರ ಕಲ್ಯಾಣಕ್ಕೆ ಮೀಸಲಿಟ್ಟ ಅನುದಾನವನ್ನು ಬೇರೆಡೆ ಬಳಸಲಾಗುತ್ತಿದೆ ಎಂದು ಆರೋಪಿಸಿದರು. ಗ್ಯಾರಂಟಿ ಯೋಜನೆಗಳ ಹೆಸರಿನಲ್ಲಿ ಜನರನ್ನು ವಂಚಿಸಲಾಗುತ್ತಿದೆ ಎಂದರು.
10,306
ಸಭೆಯಲ್ಲಿ ಹಲವು ಮುಖಂಡರು ಭಾಗವಹಿಸಿದ್ದರು. ಜಿಲ್ಲೆಯ ವಿವಿಧ ಭಾಗಗಳಿಂದ ಕಾರ್ಯಕರ್ತರು ಆಗಮಿಸಿದ್ದರು. ಮುಂದಿನ ದಿನಗಳಲ್ಲಿ ರಾಜ್ಯಾದ್ಯಂತ ಪ್ರತಿಭಟನೆ ಹಮ್ಮಿಕೊಳ್ಳಲಾಗುವುದು ಎಂದು ಅವರು ಘೋಷಿಸಿದರು. ಸರ್ಕಾರ ಕೂಡಲೇ ಸ್ಪಷ್ಟನೆ ನೀಡಬೇಕು ಎಂದರು.
ಬೆಲೆ ಏರಿಕೆ, ವಿದ್ಯುತ್ ದರ ಹೆಚ್ಚಳ, ಹಾಲಿನ ದರ ಏರಿಕೆಯಿಂದ ಜನಸಾಮಾನ್ಯರು ತತ್ತರಿಸಿದ್ದಾರೆ. ದಲಿತರ ಕಲ್ಯಾಣಕ್ಕೆ ಮೀಸಲಿಟ್ಟ ಅನುದಾನವನ್ನು ಬೇರೆಡೆ ಬಳಸಲಾಗುತ್ತಿದೆ ಎಂದು ಆರೋಪಿಸಿದರು. ಗ್ಯಾರಂಟಿ ಯೋಜನೆಗಳ ಹೆಸರಿನಲ್ಲಿ ಜನರನ್ನು ವಂಚಿಸಲಾಗುತ್ತಿದೆ ಎಂದರು.
38,860 ಕೋಟಿ ರೂ.
ಸುದ್ದಿಗೋಷ್ಠಿಯಲ್ಲಿ ಪಕ್ಷದ ಜಿಲ್ಲಾಧ್ಯಕ್ಷರು, ಶಾಸಕರು, ಮಾಜಿ ಸಚಿವರು ಹಾಗೂ ಪ್ರಮುಖ ಮುಖಂಡರು ಉಪಸ್ಥಿತರಿದ್ದರು. ಯಾತ್ರೆಯ ಕರಪತ್ರವನ್ನು ಬಿಡುಗಡೆ ಮಾಡಲಾಯಿತು. ಪ್ರತಿ ತಾಲೂಕಿನಿಂದಲೂ ಕಾರ್ಯಕರ್ತರನ್ನು ಕರೆತರಲು ವ್ಯವಸ್ಥೆ ಮಾಡಲಾಗಿದೆ ಎಂದು ಹೇಳಿದರು.
ಸುದ್ದಿಗೋಷ್ಠಿಯಲ್ಲಿ ಪಕ್ಷದ ಜಿಲ್ಲಾಧ್ಯಕ್ಷರು, ಶಾಸಕರು, ಮಾಜಿ ಸಚಿವರು ಹಾಗೂ ಪ್ರಮುಖ ಮುಖಂಡರು ಉಪಸ್ಥಿತರಿದ್ದರು. ಯಾತ್ರೆಯ ಕರಪತ್ರವನ್ನು ಬಿಡುಗಡೆ ಮಾಡಲಾಯಿತು. ಪ್ರತಿ ತಾಲೂಕಿನಿಂದಲೂ ಕಾರ್ಯಕರ್ತರನ್ನು ಕರೆತರಲು ವ್ಯವಸ್ಥೆ ಮಾಡಲಾಗಿದೆ ಎಂದು ಹೇಳಿದರು.
15,300 ಕೋಟಿ ರೂ.
700 ಕೋಟಿ ರೂ.
ಯಾತ್ರೆಯು ನಗರದ ಪ್ರಮುಖ ಬೀದಿಗಳಲ್ಲಿ ಸಾಗಿ ಸಾರ್ವಜನಿಕ ಸಭೆಯೊಂದಿಗೆ ಮುಕ್ತಾಯಗೊಳ್ಳಲಿದೆ. ರಾಜ್ಯ ನಾಯಕರು ಭಾಗವಹಿಸಲಿದ್ದಾರೆ. ಸರ್ಕಾರ ಎಚ್ಚೆತ್ತುಕೊಳ್ಳದಿದ್ದರೆ ಹೋರಾಟವನ್ನು ರಾಜ್ಯಾದ್ಯಂತ ವಿಸ್ತರಿಸಲಾಗುವುದು ಎಂದು ಎಚ್ಚರಿಕೆ ನೀಡಿದರು.
500 ರೂ.
ಬಾಗಲಕೋಟೆ: ಏ. 17ರಂದು ನಗರದಲ್ಲಿ ಬೃಹತ್ ಜನಾಕ್ರೋಶ ಯಾತ್ರೆ ಹಮ್ಮಿಕೊಳ್ಳಲಾಗಿದೆ ಎಂದು ಮುಖಂಡರು ತಿಳಿಸಿದರು. ಸುಮಾರು 10 ಸಾವಿರಕ್ಕೂ ಹೆಚ್ಚು ಕಾರ್ಯಕರ್ತರು ಭಾಗವಹಿಸುವ ನಿರೀಕ್ಷೆ ಇದೆ. ರಾಜ್ಯ ಸರ್ಕಾರದ ಜನವಿರೋಧಿ ನೀತಿಗಳ ವಿರುದ್ಧ ಹೋರಾಟ ನಡೆಸಲಾಗುವುದು ಎಂದರು.
ಸ್ವಾತಂತ್ರ್ಯ ಹೋರಾಟದಲ್ಲಿ ಸಾವರಕರ ಅವರ ಕೊಡುಗೆ ಅಪಾರ. ಅವರನ್ನು ಅವಮಾನಿಸುವ ಮೂಲಕ ರಾಜಕೀಯ ಲಾಭ ಪಡೆಯುವ ಹುನ್ನಾರವನ್ನು ಸಹಿಸಲಾಗದು. ಸುಳ್ಳು ಹೇಳಿಕೆ ನೀಡಿದವರು ಕ್ಷಮೆಯಾಚಿಸಬೇಕು ಎಂದು ಒತ್ತಾಯಿಸಿದರು. ಈ ಕುರಿತು ಸಮಗ್ರ ಚರ್ಚೆಗೆ ಸಿದ್ಧ ಎಂದೂ ತಿಳಿಸಿದರು.
ಈ ವೇಳೆ ಹಲವು ಪದಾಧಿಕಾರಿಗಳು ಉಪಸ್ಥಿತರಿದ್ದರು. ಅಂಬೇಡ್ಕರ್ ಅವರ ಚಿಂತನೆಗಳನ್ನು ಗೌರವಿಸುವುದಾಗಿ ತಿಳಿಸಿದರು. ಸಮಾಜದಲ್ಲಿ ಒಡಕು ಮೂಡಿಸುವ ಯತ್ನಕ್ಕೆ ಅವಕಾಶ ನೀಡುವುದಿಲ್ಲ ಎಂದು ಹೇಳಿದರು.
